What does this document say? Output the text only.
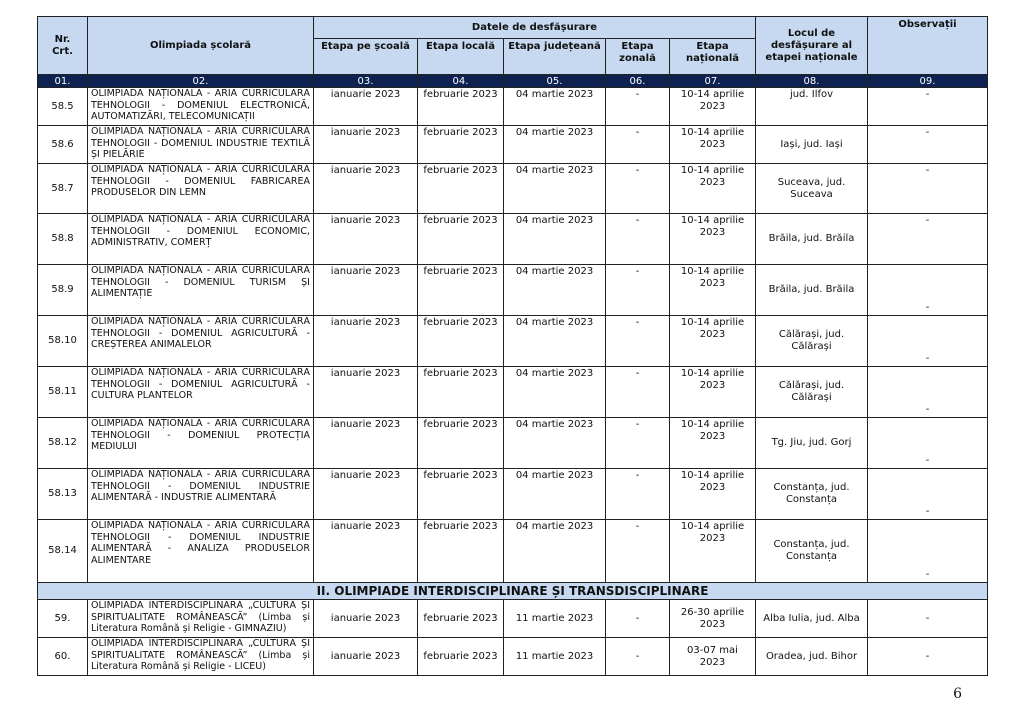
Nr.
Crt.	Olimpiada școlară	Datele de desfășurare					Locul de desfășurare al etapei naționale	Observații
		Etapa pe școală	Etapa locală	Etapa județeană	Etapa zonală	Etapa națională		
01.	02.	03.	04.	05.	06.	07.	08.	09.
58.5	OLIMPIADA NAȚIONALĂ - ARIA CURRICULARĂ TEHNOLOGII - DOMENIUL ELECTRONICĂ, AUTOMATIZĂRI, TELECOMUNICAȚII	ianuarie 2023	februarie 2023	04 martie 2023	-	10-14 aprilie 2023	jud. Ilfov	-
58.6	OLIMPIADA NAȚIONALĂ - ARIA CURRICULARĂ TEHNOLOGII - DOMENIUL INDUSTRIE TEXTILĂ ȘI PIELĂRIE	ianuarie 2023	februarie 2023	04 martie 2023	-	10-14 aprilie 2023	Iași, jud. Iași	-
58.7	OLIMPIADA NAȚIONALĂ - ARIA CURRICULARĂ TEHNOLOGII - DOMENIUL FABRICAREA PRODUSELOR DIN LEMN	ianuarie 2023	februarie 2023	04 martie 2023	-	10-14 aprilie 2023	Suceava, jud. Suceava	-
58.8	OLIMPIADA NAȚIONALĂ - ARIA CURRICULARĂ TEHNOLOGII - DOMENIUL ECONOMIC, ADMINISTRATIV, COMERȚ	ianuarie 2023	februarie 2023	04 martie 2023	-	10-14 aprilie 2023	Brăila, jud. Brăila	-
58.9	OLIMPIADA NAȚIONALĂ - ARIA CURRICULARĂ TEHNOLOGII - DOMENIUL TURISM ȘI ALIMENTAȚIE	ianuarie 2023	februarie 2023	04 martie 2023	-	10-14 aprilie 2023	Brăila, jud. Brăila	-
58.10	OLIMPIADA NAȚIONALĂ - ARIA CURRICULARĂ TEHNOLOGII - DOMENIUL AGRICULTURĂ - CREȘTEREA ANIMALELOR	ianuarie 2023	februarie 2023	04 martie 2023	-	10-14 aprilie 2023	Călărași, jud. Călărași	-
58.11	OLIMPIADA NAȚIONALĂ - ARIA CURRICULARĂ TEHNOLOGII - DOMENIUL AGRICULTURĂ - CULTURA PLANTELOR	ianuarie 2023	februarie 2023	04 martie 2023	-	10-14 aprilie 2023	Călărași, jud. Călărași	-
58.12	OLIMPIADA NAȚIONALĂ - ARIA CURRICULARĂ TEHNOLOGII - DOMENIUL PROTECȚIA MEDIULUI	ianuarie 2023	februarie 2023	04 martie 2023	-	10-14 aprilie 2023	Tg. Jiu, jud. Gorj	-
58.13	OLIMPIADA NAȚIONALĂ - ARIA CURRICULARĂ TEHNOLOGII - DOMENIUL INDUSTRIE ALIMENTARĂ - INDUSTRIE ALIMENTARĂ	ianuarie 2023	februarie 2023	04 martie 2023	-	10-14 aprilie 2023	Constanța, jud. Constanța	-
58.14	OLIMPIADA NAȚIONALĂ - ARIA CURRICULARĂ TEHNOLOGII - DOMENIUL INDUSTRIE ALIMENTARĂ - ANALIZA PRODUSELOR ALIMENTARE	ianuarie 2023	februarie 2023	04 martie 2023	-	10-14 aprilie 2023	Constanța, jud. Constanța	-
II. OLIMPIADE INTERDISCIPLINARE ȘI TRANSDISCIPLINARE								
59.	OLIMPIADA INTERDISCIPLINARĂ „CULTURĂ ȘI SPIRITUALITATE ROMÂNEASCĂ” (Limba și Literatura Română și Religie - GIMNAZIU)	ianuarie 2023	februarie 2023	11 martie 2023	-	26-30 aprilie 2023	Alba Iulia, jud. Alba	-
60.	OLIMPIADA INTERDISCIPLINARĂ „CULTURĂ ȘI SPIRITUALITATE ROMÂNEASCĂ” (Limba și Literatura Română și Religie - LICEU)	ianuarie 2023	februarie 2023	11 martie 2023	-	03-07 mai 2023	Oradea, jud. Bihor	-
6
